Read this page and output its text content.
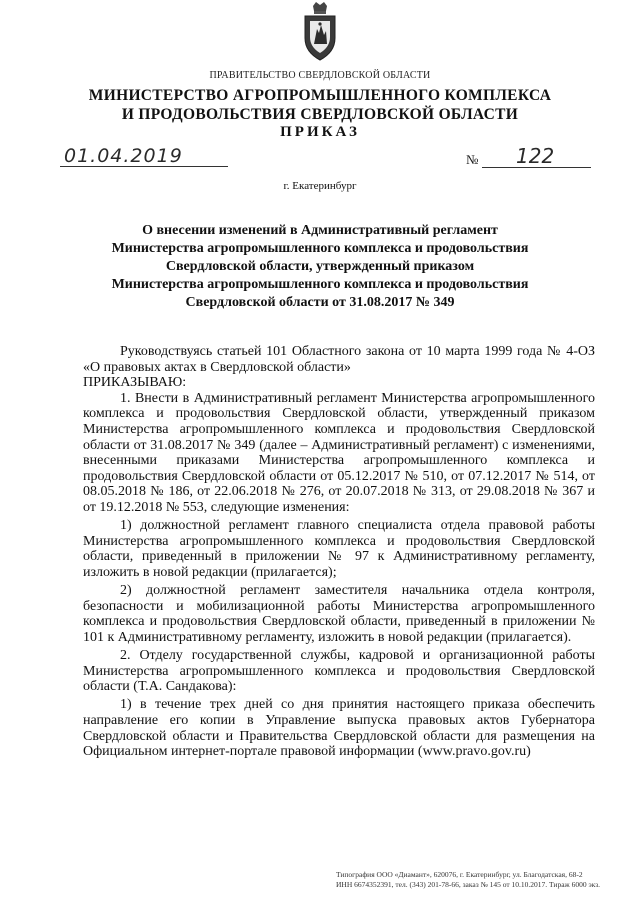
ПРАВИТЕЛЬСТВО СВЕРДЛОВСКОЙ ОБЛАСТИ
МИНИСТЕРСТВО АГРОПРОМЫШЛЕННОГО КОМПЛЕКСА
И ПРОДОВОЛЬСТВИЯ СВЕРДЛОВСКОЙ ОБЛАСТИ
ПРИКАЗ
01.04.2019	№ 122
г. Екатеринбург
О внесении изменений в Административный регламент
Министерства агропромышленного комплекса и продовольствия
Свердловской области, утвержденный приказом
Министерства агропромышленного комплекса и продовольствия
Свердловской области от 31.08.2017 № 349

Руководствуясь статьей 101 Областного закона от 10 марта 1999 года № 4-ОЗ «О правовых актах в Свердловской области»

ПРИКАЗЫВАЮ:

1. Внести в Административный регламент Министерства агропромышленного комплекса и продовольствия Свердловской области, утвержденный приказом Министерства агропромышленного комплекса и продовольствия Свердловской области от 31.08.2017 № 349 (далее – Административный регламент) с изменениями, внесенными приказами Министерства агропромышленного комплекса и продовольствия Свердловской области от 05.12.2017 № 510, от 07.12.2017 № 514, от 08.05.2018 № 186, от 22.06.2018 № 276, от 20.07.2018 № 313, от 29.08.2018 № 367 и от 19.12.2018 № 553, следующие изменения:

1) должностной регламент главного специалиста отдела правовой работы Министерства агропромышленного комплекса и продовольствия Свердловской области, приведенный в приложении № 97 к Административному регламенту, изложить в новой редакции (прилагается);

2) должностной регламент заместителя начальника отдела контроля, безопасности и мобилизационной работы Министерства агропромышленного комплекса и продовольствия Свердловской области, приведенный в приложении № 101 к Административному регламенту, изложить в новой редакции (прилагается).

2. Отделу государственной службы, кадровой и организационной работы Министерства агропромышленного комплекса и продовольствия Свердловской области (Т.А. Сандакова):

1) в течение трех дней со дня принятия настоящего приказа обеспечить направление его копии в Управление выпуска правовых актов Губернатора Свердловской области и Правительства Свердловской области для размещения на Официальном интернет-портале правовой информации (www.pravo.gov.ru)

Типография ООО «Диамант», 620076, г. Екатеринбург, ул. Благодатская, 68-2
ИНН 6674352391, тел. (343) 201-78-66, заказ № 145 от 10.10.2017. Тираж 6000 экз.
